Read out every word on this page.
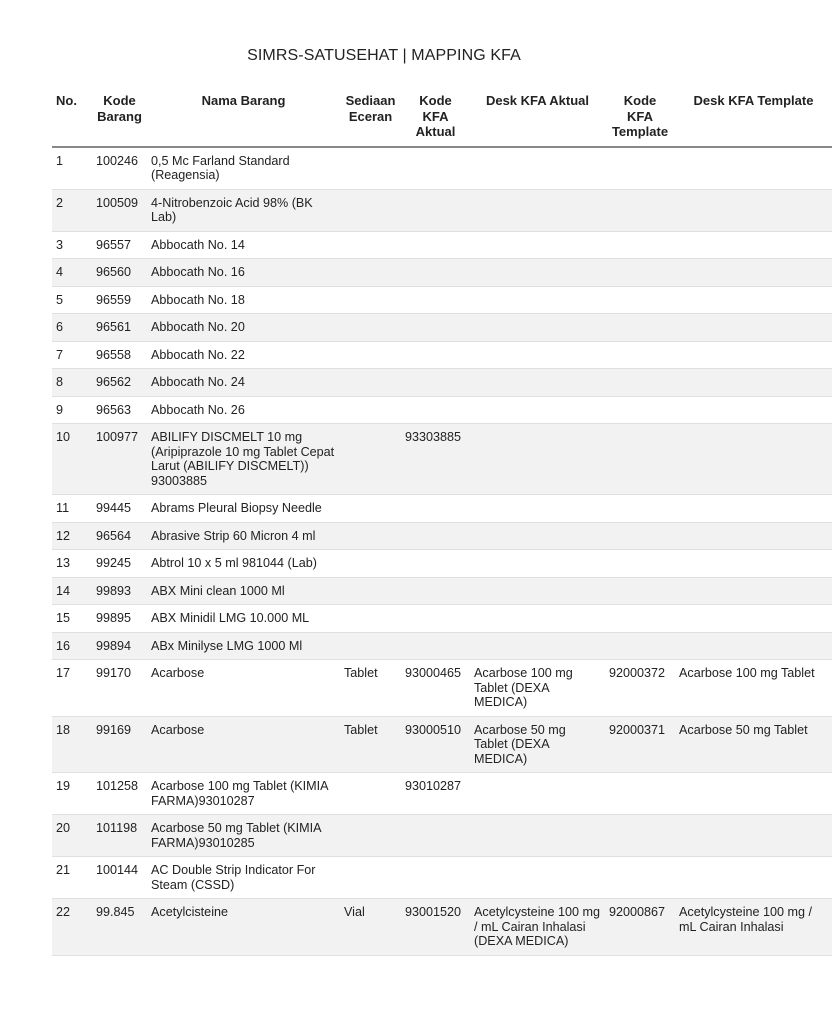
SIMRS-SATUSEHAT | MAPPING KFA
No.	Kode Barang	Nama Barang	Sediaan Eceran	Kode KFA Aktual	Desk KFA Aktual	Kode KFA Template	Desk KFA Template
1	100246	0,5 Mc Farland Standard (Reagensia)					
2	100509	4-Nitrobenzoic Acid 98% (BK Lab)					
3	96557	Abbocath No. 14					
4	96560	Abbocath No. 16					
5	96559	Abbocath No. 18					
6	96561	Abbocath No. 20					
7	96558	Abbocath No. 22					
8	96562	Abbocath No. 24					
9	96563	Abbocath No. 26					
10	100977	ABILIFY DISCMELT 10 mg (Aripiprazole 10 mg Tablet Cepat Larut (ABILIFY DISCMELT)) 93003885		93303885			
11	99445	Abrams Pleural Biopsy Needle					
12	96564	Abrasive Strip 60 Micron 4 ml					
13	99245	Abtrol 10 x 5 ml 981044 (Lab)					
14	99893	ABX Mini clean 1000 Ml					
15	99895	ABX Minidil LMG 10.000 ML					
16	99894	ABx Minilyse LMG 1000 Ml					
17	99170	Acarbose	Tablet	93000465	Acarbose 100 mg Tablet (DEXA MEDICA)	92000372	Acarbose 100 mg Tablet
18	99169	Acarbose	Tablet	93000510	Acarbose 50 mg Tablet (DEXA MEDICA)	92000371	Acarbose 50 mg Tablet
19	101258	Acarbose 100 mg Tablet (KIMIA FARMA)93010287		93010287			
20	101198	Acarbose 50 mg Tablet (KIMIA FARMA)93010285					
21	100144	AC Double Strip Indicator For Steam (CSSD)					
22	99.845	Acetylcisteine	Vial	93001520	Acetylcysteine 100 mg / mL Cairan Inhalasi (DEXA MEDICA)	92000867	Acetylcysteine 100 mg / mL Cairan Inhalasi
